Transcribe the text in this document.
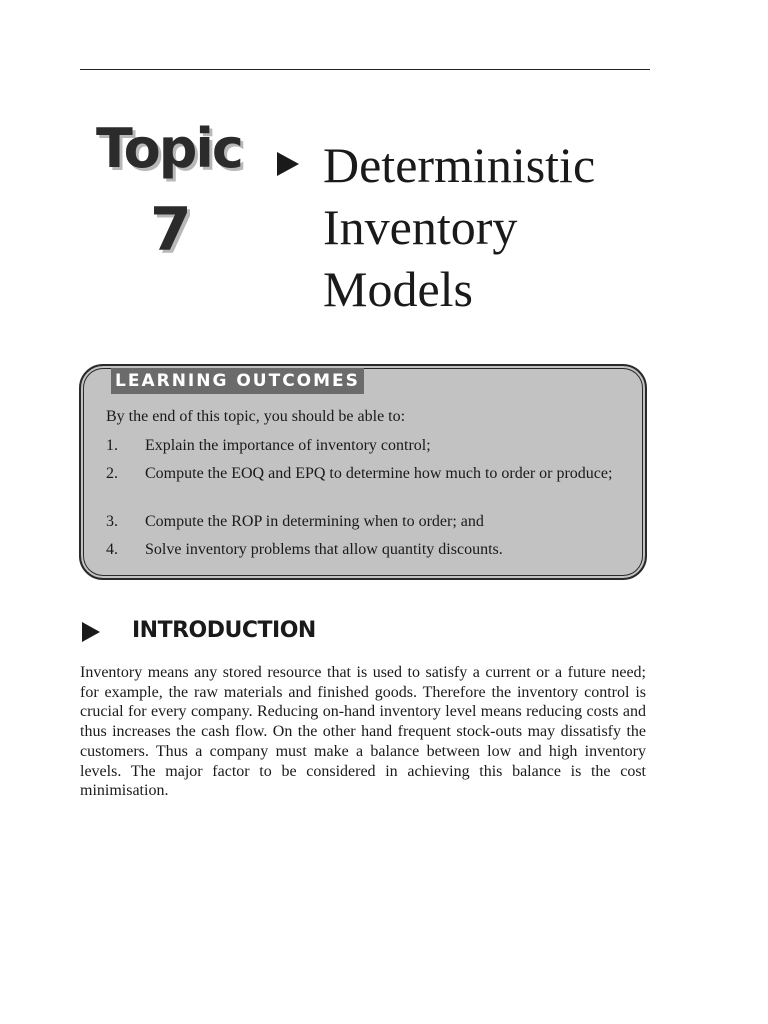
Topic
7
Deterministic
Inventory
Models
LEARNING OUTCOMES
By the end of this topic, you should be able to:
1.	Explain the importance of inventory control;
2.	Compute the EOQ and EPQ to determine how much to order or produce;
3.	Compute the ROP in determining when to order; and
4.	Solve inventory problems that allow quantity discounts.
INTRODUCTION

Inventory means any stored resource that is used to satisfy a current or a future need; for example, the raw materials and finished goods. Therefore the inventory control is crucial for every company. Reducing on-hand inventory level means reducing costs and thus increases the cash flow. On the other hand frequent stock-outs may dissatisfy the customers. Thus a company must make a balance between low and high inventory levels. The major factor to be considered in achieving this balance is the cost minimisation.
